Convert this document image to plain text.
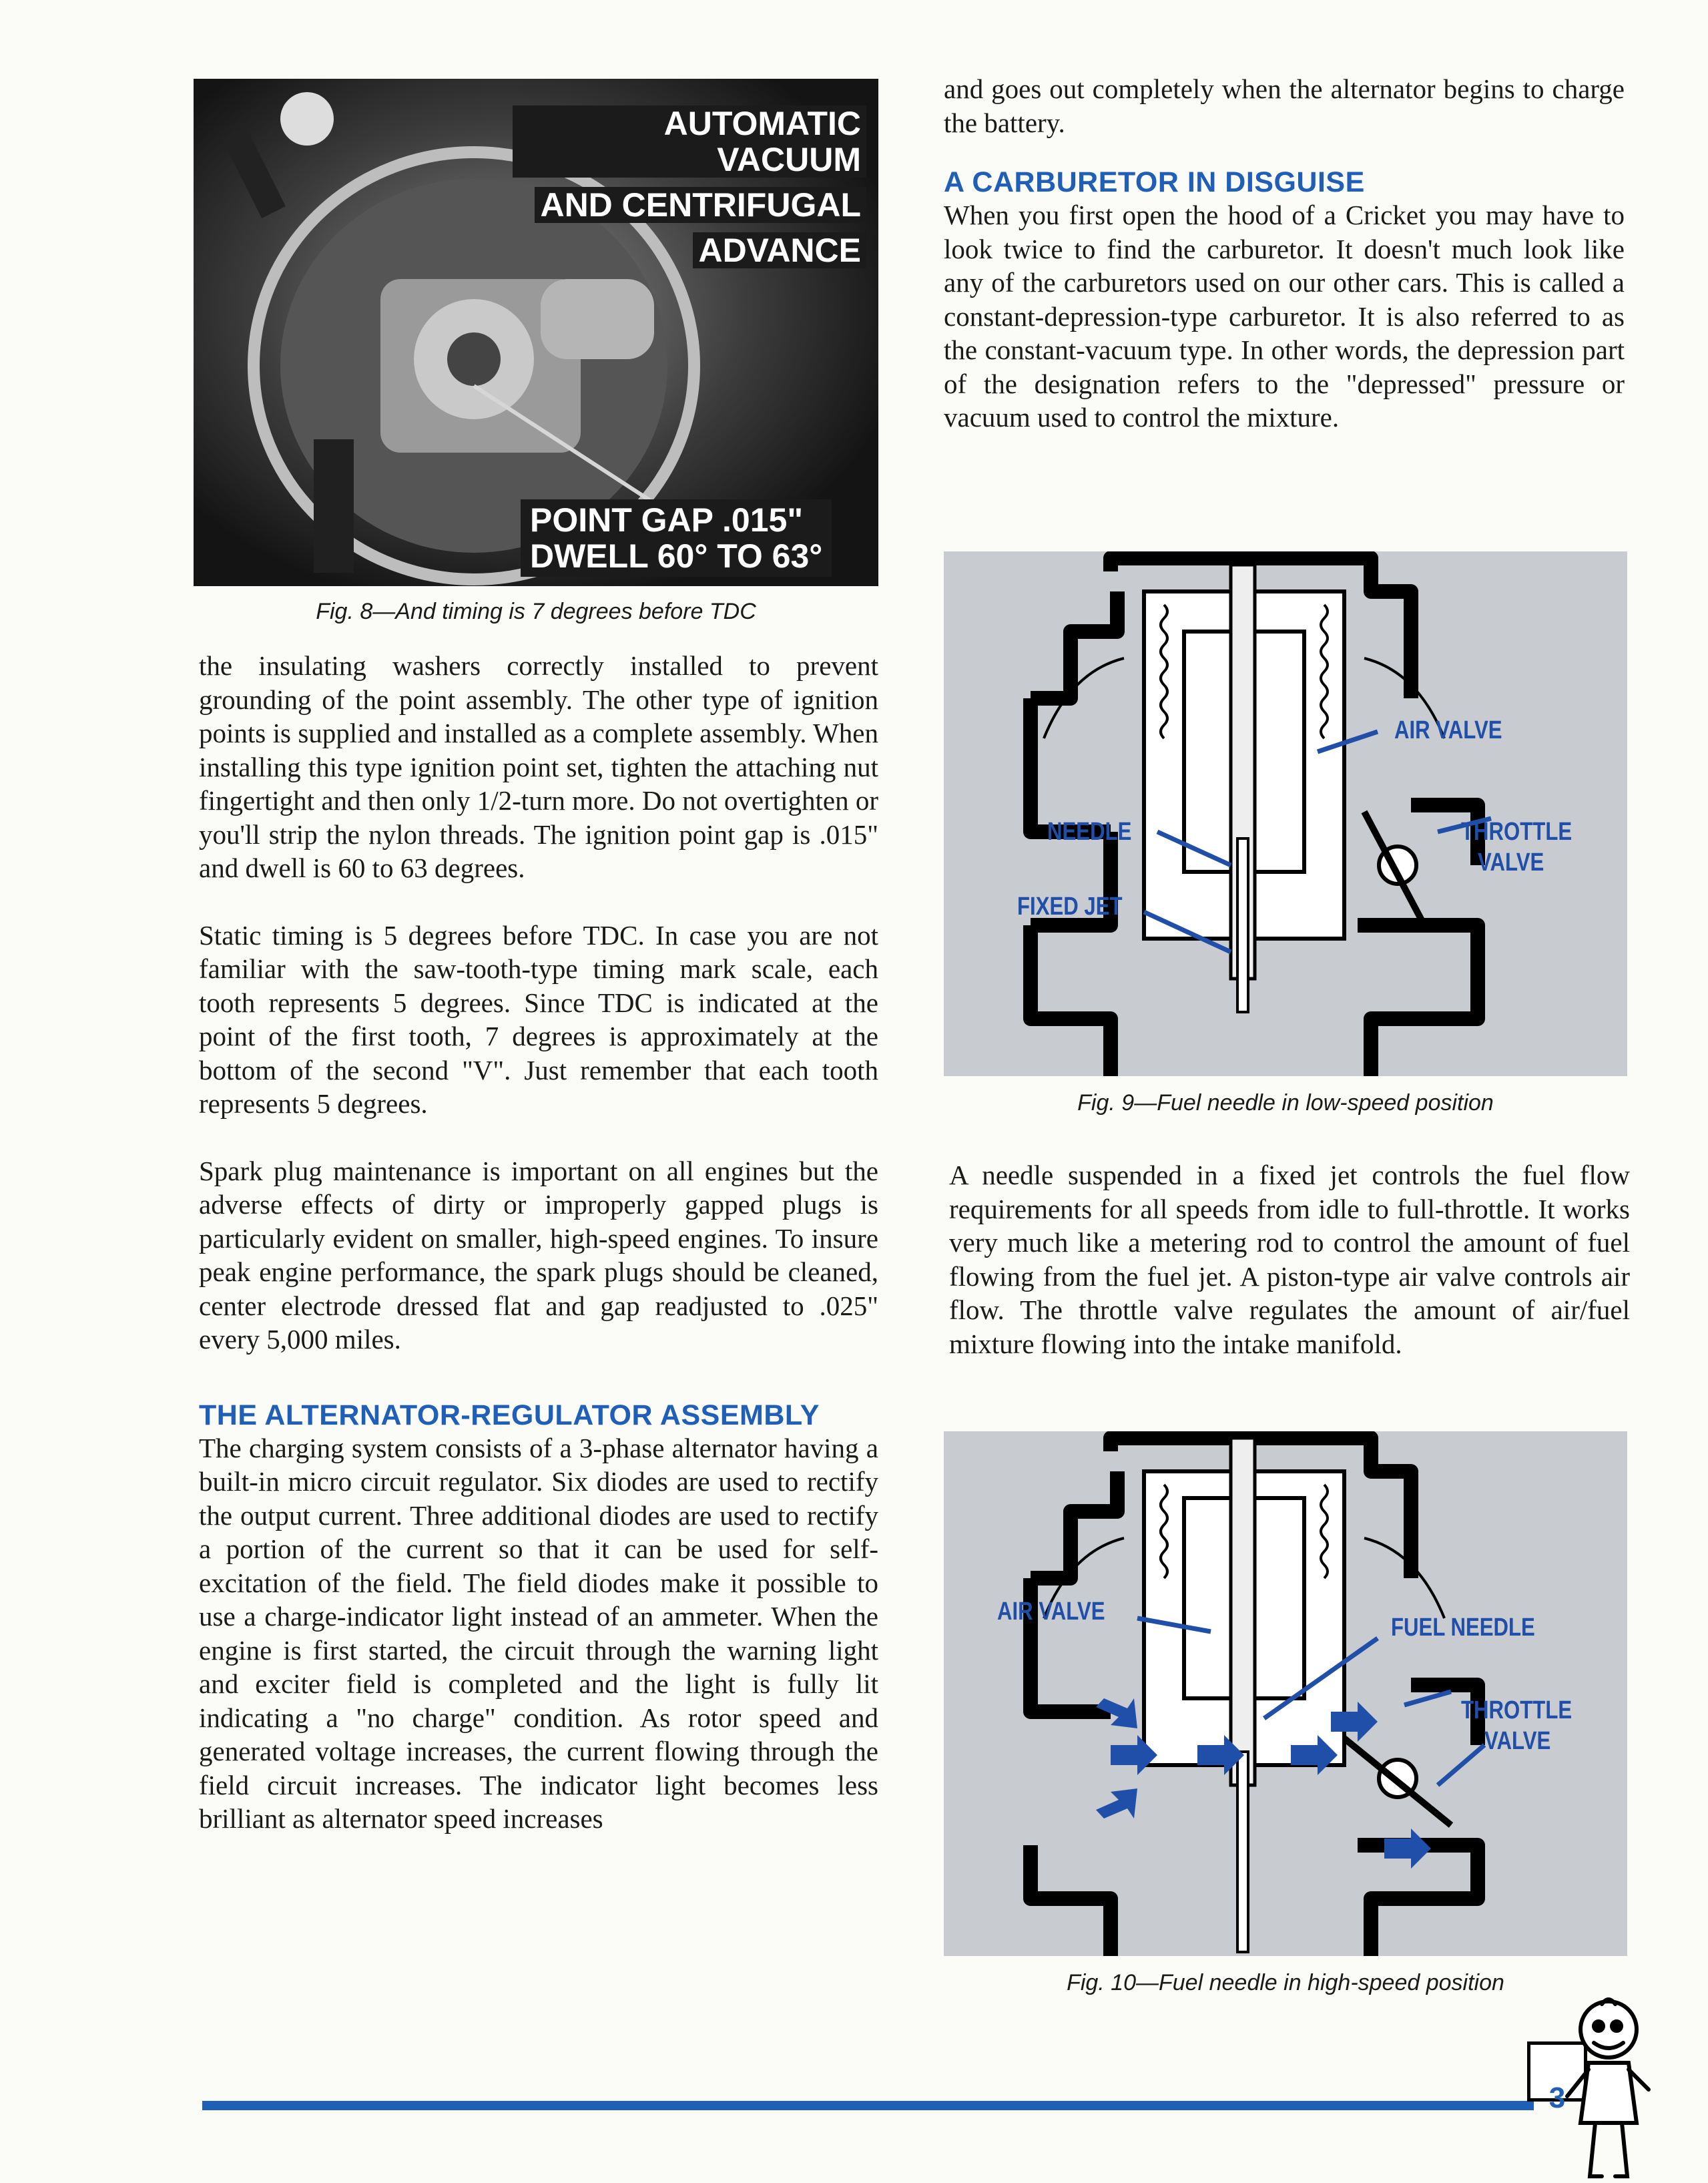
AUTOMATIC VACUUM
AND CENTRIFUGAL
ADVANCE
POINT GAP .015"
DWELL 60° TO 63°
Fig. 8—And timing is 7 degrees before TDC

the insulating washers correctly installed to prevent grounding of the point assembly. The other type of ignition points is supplied and installed as a complete assembly. When installing this type ignition point set, tighten the attaching nut fingertight and then only 1/2-turn more. Do not overtighten or you'll strip the nylon threads. The ignition point gap is .015" and dwell is 60 to 63 degrees.

Static timing is 5 degrees before TDC. In case you are not familiar with the saw-tooth-type timing mark scale, each tooth represents 5 degrees. Since TDC is indicated at the point of the first tooth, 7 degrees is approximately at the bottom of the second "V". Just remember that each tooth represents 5 degrees.

Spark plug maintenance is important on all engines but the adverse effects of dirty or improperly gapped plugs is particularly evident on smaller, high-speed engines. To insure peak engine performance, the spark plugs should be cleaned, center electrode dressed flat and gap readjusted to .025" every 5,000 miles.

THE ALTERNATOR-REGULATOR ASSEMBLY

The charging system consists of a 3-phase alternator having a built-in micro circuit regulator. Six diodes are used to rectify the output current. Three additional diodes are used to rectify a portion of the current so that it can be used for self-excitation of the field. The field diodes make it possible to use a charge-indicator light instead of an ammeter. When the engine is first started, the circuit through the warning light and exciter field is completed and the light is fully lit indicating a "no charge" condition. As rotor speed and generated voltage increases, the current flowing through the field circuit increases. The indicator light becomes less brilliant as alternator speed increases

and goes out completely when the alternator begins to charge the battery.

A CARBURETOR IN DISGUISE

When you first open the hood of a Cricket you may have to look twice to find the carburetor. It doesn't much look like any of the carburetors used on our other cars. This is called a constant-depression-type carburetor. It is also referred to as the constant-vacuum type. In other words, the depression part of the designation refers to the "depressed" pressure or vacuum used to control the mixture.

AIR VALVE
NEEDLE
FIXED JET
THROTTLE
VALVE
Fig. 9—Fuel needle in low-speed position

A needle suspended in a fixed jet controls the fuel flow requirements for all speeds from idle to full-throttle. It works very much like a metering rod to control the amount of fuel flowing from the fuel jet. A piston-type air valve controls air flow. The throttle valve regulates the amount of air/fuel mixture flowing into the intake manifold.

AIR VALVE
FUEL NEEDLE
THROTTLE
VALVE
Fig. 10—Fuel needle in high-speed position
3
